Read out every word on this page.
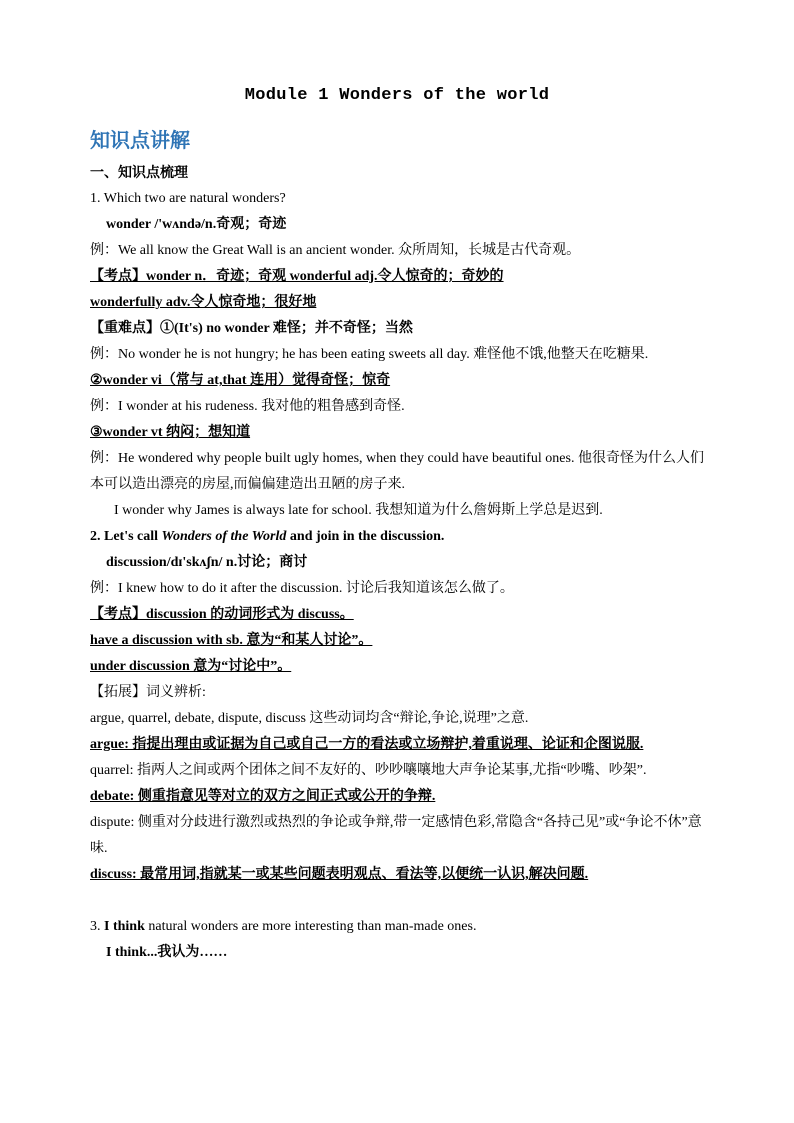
Module 1 Wonders of the world
知识点讲解
一、知识点梳理
1. Which two are natural wonders?
wonder /'wʌndə/n.奇观；奇迹
例：We all know the Great Wall is an ancient wonder. 众所周知，长城是古代奇观。
【考点】wonder n．奇迹；奇观 wonderful adj.令人惊奇的；奇妙的
wonderfully adv.令人惊奇地；很好地
【重难点】①(It's) no wonder 难怪；并不奇怪；当然
例：No wonder he is not hungry; he has been eating sweets all day. 难怪他不饿,他整天在吃糖果.
②wonder vi（常与 at,that 连用）觉得奇怪；惊奇
例：I wonder at his rudeness. 我对他的粗鲁感到奇怪.
③wonder vt 纳闷；想知道
例：He wondered why people built ugly homes, when they could have beautiful ones. 他很奇怪为什么人们本可以造出漂亮的房屋,而偏偏建造出丑陋的房子来.
I wonder why James is always late for school. 我想知道为什么詹姆斯上学总是迟到.
2. Let's call Wonders of the World and join in the discussion.
discussion/dɪ'skʌʃn/ n.讨论；商讨
例：I knew how to do it after the discussion. 讨论后我知道该怎么做了。
【考点】discussion 的动词形式为 discuss。
have a discussion with sb. 意为“和某人讨论”。
under discussion 意为“讨论中”。
【拓展】词义辨析:
argue, quarrel, debate, dispute, discuss 这些动词均含“辩论,争论,说理”之意.
argue: 指提出理由或证据为自己或自己一方的看法或立场辩护,着重说理、论证和企图说服.
quarrel: 指两人之间或两个团体之间不友好的、吵吵嚷嚷地大声争论某事,尤指“吵嘴、吵架”.
debate: 侧重指意见等对立的双方之间正式或公开的争辩.
dispute: 侧重对分歧进行激烈或热烈的争论或争辩,带一定感情色彩,常隐含“各持己见”或“争论不休”意味.
discuss: 最常用词,指就某一或某些问题表明观点、看法等,以便统一认识,解决问题.
3. I think natural wonders are more interesting than man-made ones.
I think...我认为……
